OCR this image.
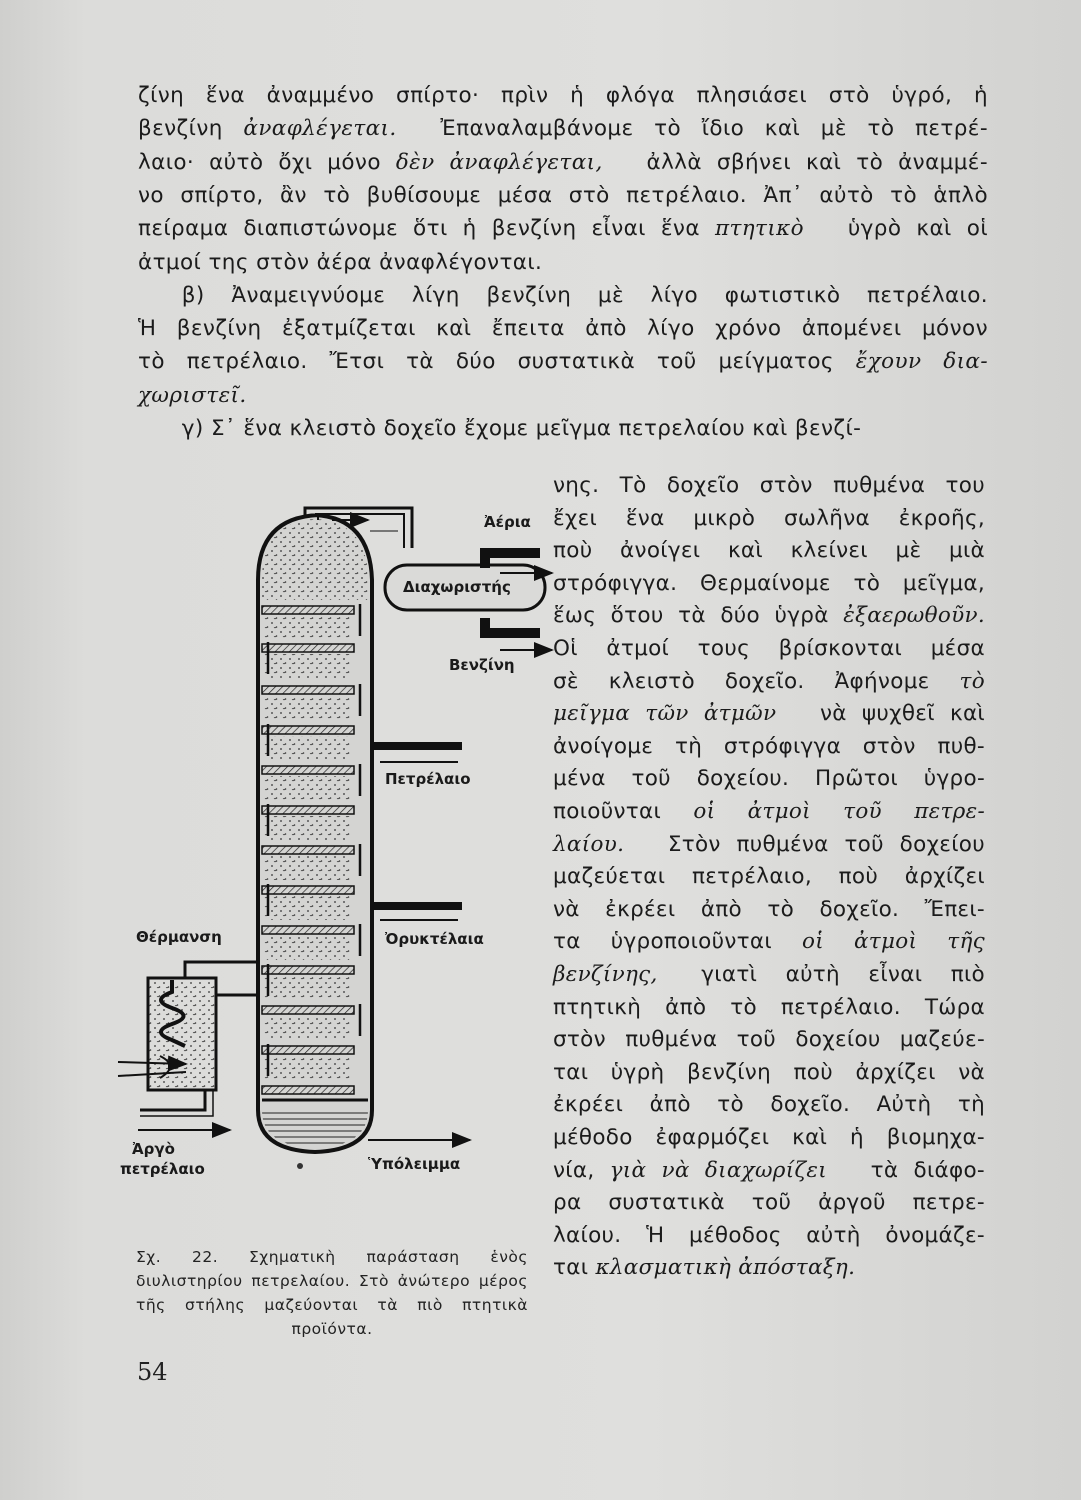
ζίνη ἕνα ἀναμμένο σπίρτο· πρὶν ἡ φλόγα πλησιάσει στὸ ὑγρό, ἡ
βενζίνη ἀναφλέγεται.  Ἐπαναλαμβάνομε τὸ ἴδιο καὶ μὲ τὸ πετρέ-
λαιο· αὐτὸ ὄχι μόνο δὲν ἀναφλέγεται,  ἀλλὰ σβήνει καὶ τὸ ἀναμμέ-
νο σπίρτο, ἂν τὸ βυθίσουμε μέσα στὸ πετρέλαιο. Ἀπ᾽ αὐτὸ τὸ ἁπλὸ
πείραμα διαπιστώνομε ὅτι ἡ βενζίνη εἶναι ἕνα πτητικὸ  ὑγρὸ καὶ οἱ
ἀτμοί της στὸν ἀέρα ἀναφλέγονται.
  β) Ἀναμειγνύομε λίγη βενζίνη μὲ λίγο φωτιστικὸ πετρέλαιο.
Ἡ βενζίνη ἐξατμίζεται καὶ ἔπειτα ἀπὸ λίγο χρόνο ἀπομένει μόνον
τὸ πετρέλαιο. Ἔτσι τὰ δύο συστατικὰ τοῦ μείγματος ἔχουν δια-
χωριστεῖ.
  γ) Σ᾽ ἕνα κλειστὸ δοχεῖο ἔχομε μεῖγμα πετρελαίου καὶ βενζί-
νης. Τὸ δοχεῖο στὸν πυθμένα του
ἔχει ἕνα μικρὸ σωλῆνα ἐκροῆς,
ποὺ ἀνοίγει καὶ κλείνει μὲ μιὰ
στρόφιγγα. Θερμαίνομε τὸ μεῖγμα,
ἕως ὅτου τὰ δύο ὑγρὰ ἐξαερωθοῦν.
Οἱ ἀτμοί τους βρίσκονται μέσα
σὲ κλειστὸ δοχεῖο. Ἀφήνομε τὸ
μεῖγμα τῶν ἀτμῶν  νὰ ψυχθεῖ καὶ
ἀνοίγομε τὴ στρόφιγγα στὸν πυθ-
μένα τοῦ δοχείου. Πρῶτοι ὑγρο-
ποιοῦνται οἱ ἀτμοὶ τοῦ πετρε-
λαίου.  Στὸν πυθμένα τοῦ δοχείου
μαζεύεται πετρέλαιο, ποὺ ἀρχίζει
νὰ ἐκρέει ἀπὸ τὸ δοχεῖο. Ἔπει-
τα ὑγροποιοῦνται οἱ ἀτμοὶ τῆς
βενζίνης,  γιατὶ αὐτὴ εἶναι πιὸ
πτητικὴ ἀπὸ τὸ πετρέλαιο. Τώρα
στὸν πυθμένα τοῦ δοχείου μαζεύε-
ται ὑγρὴ βενζίνη ποὺ ἀρχίζει νὰ
ἐκρέει ἀπὸ τὸ δοχεῖο. Αὐτὴ τὴ
μέθοδο ἐφαρμόζει καὶ ἡ βιομηχα-
νία, γιὰ νὰ διαχωρίζει  τὰ διάφο-
ρα συστατικὰ τοῦ ἀργοῦ πετρε-
λαίου. Ἡ μέθοδος αὐτὴ ὀνομάζε-
ται κλασματικὴ ἀπόσταξη.
Ἀέρια
Διαχωριστής
Βενζίνη
Πετρέλαιο
Ὀρυκτέλαια
Θέρμανση
Ἀργὸ
πετρέλαιο	Ὑπόλειμμα
Σχ. 22. Σχηματικὴ παράσταση ἑνὸς διυλιστηρίου πετρελαίου. Στὸ ἀνώτερο μέρος τῆς στήλης μαζεύονται τὰ πιὸ πτητικὰ προϊόντα.
54
